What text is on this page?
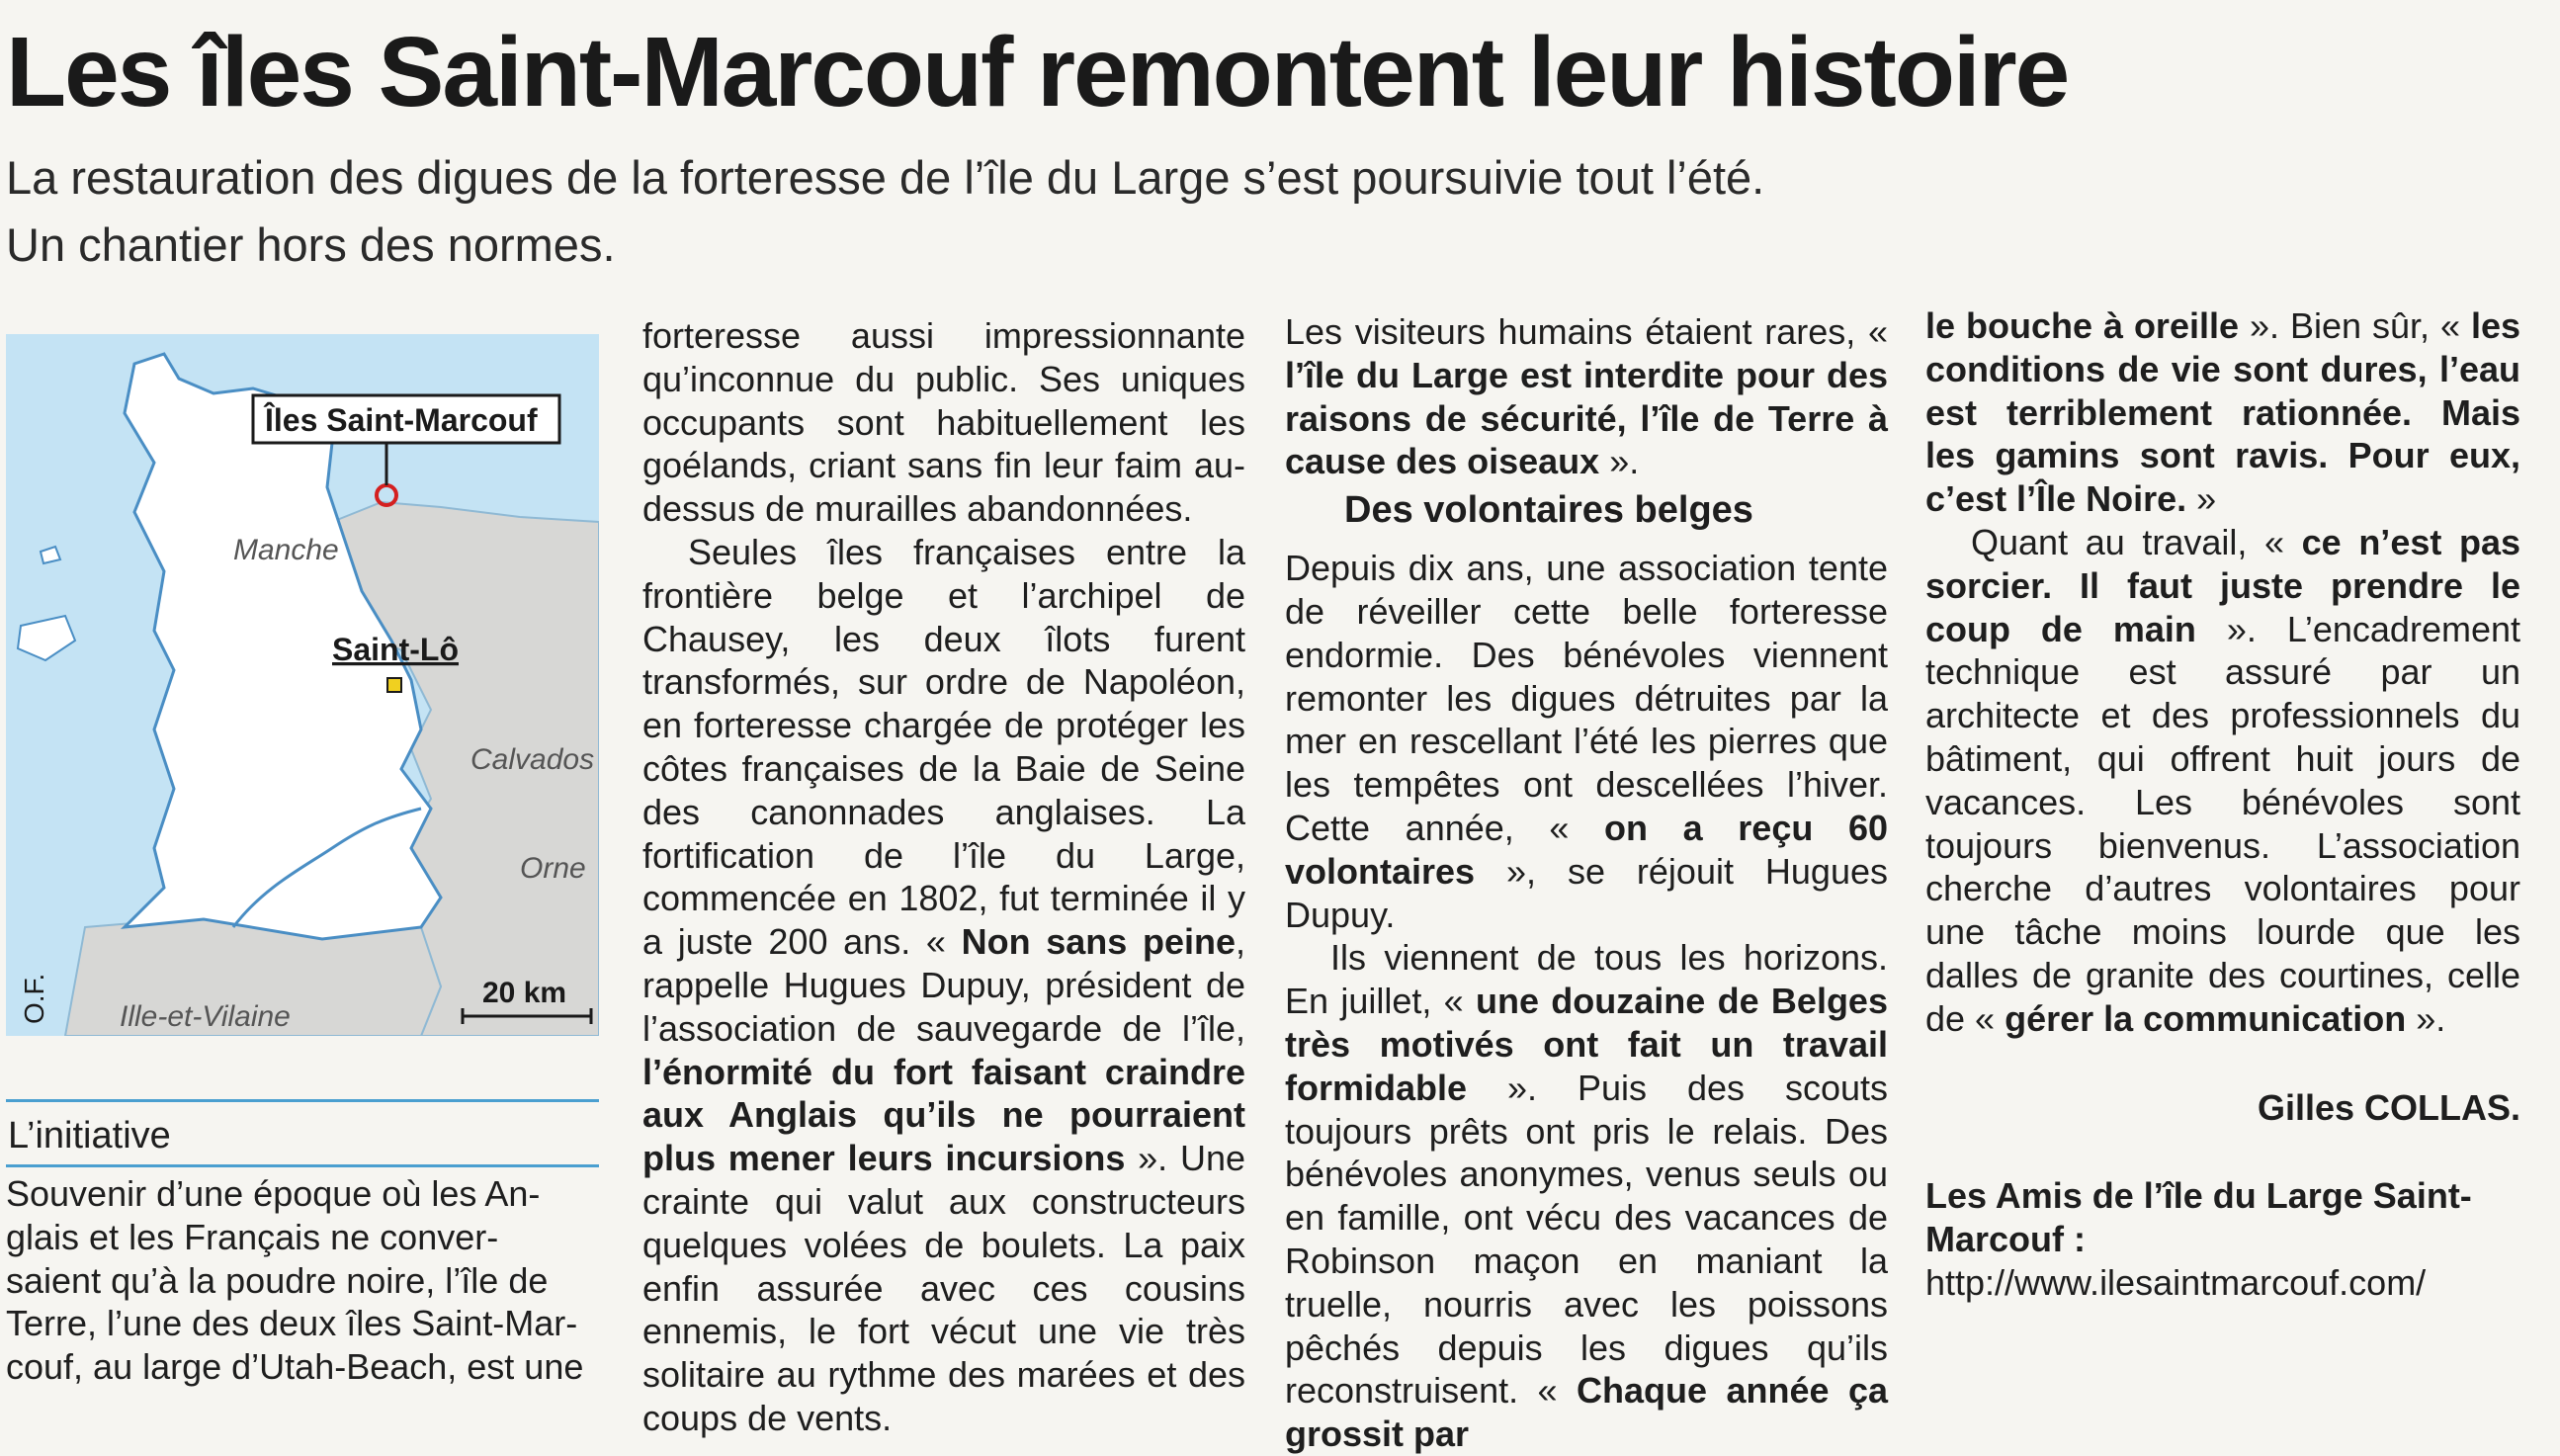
Les îles Saint-Marcouf remontent leur histoire

La restauration des digues de la forteresse de l’île du Large s’est poursuivie tout l’été.

Un chantier hors des normes.

Îles Saint-Marcouf
Saint-Lô
Manche
Calvados
Orne
Ille-et-Vilaine
20 km
O.F.
L’initiative
Souvenir d’une époque où les An-
glais et les Français ne conver-
saient qu’à la poudre noire, l’île de
Terre, l’une des deux îles Saint-Mar-
couf, au large d’Utah-Beach, est une

forteresse aussi impressionnante qu’inconnue du public. Ses uniques occupants sont habituellement les goélands, criant sans fin leur faim au-dessus de murailles abandonnées.

Seules îles françaises entre la frontière belge et l’archipel de Chausey, les deux îlots furent transformés, sur ordre de Napoléon, en forteresse chargée de protéger les côtes françaises de la Baie de Seine des canonnades anglaises. La fortification de l’île du Large, commencée en 1802, fut terminée il y a juste 200 ans. « Non sans peine, rappelle Hugues Dupuy, président de l’association de sauvegarde de l’île, l’énormité du fort faisant craindre aux Anglais qu’ils ne pourraient plus mener leurs incursions ». Une crainte qui valut aux constructeurs quelques volées de boulets. La paix enfin assurée avec ces cousins ennemis, le fort vécut une vie très solitaire au rythme des marées et des coups de vents.

Les visiteurs humains étaient rares, « l’île du Large est interdite pour des raisons de sécurité, l’île de Terre à cause des oiseaux ».

Des volontaires belges

Depuis dix ans, une association tente de réveiller cette belle forteresse endormie. Des bénévoles viennent remonter les digues détruites par la mer en rescellant l’été les pierres que les tempêtes ont descellées l’hiver. Cette année, « on a reçu 60 volontaires », se réjouit Hugues Dupuy.

Ils viennent de tous les horizons. En juillet, « une douzaine de Belges très motivés ont fait un travail formidable ». Puis des scouts toujours prêts ont pris le relais. Des bénévoles anonymes, venus seuls ou en famille, ont vécu des vacances de Robinson maçon en maniant la truelle, nourris avec les poissons pêchés depuis les digues qu’ils reconstruisent. « Chaque année ça grossit par

le bouche à oreille ». Bien sûr, « les conditions de vie sont dures, l’eau est terriblement rationnée. Mais les gamins sont ravis. Pour eux, c’est l’Île Noire. »

Quant au travail, « ce n’est pas sorcier. Il faut juste prendre le coup de main ». L’encadrement technique est assuré par un architecte et des professionnels du bâtiment, qui offrent huit jours de vacances. Les bénévoles sont toujours bienvenus. L’association cherche d’autres volontaires pour une tâche moins lourde que les dalles de granite des courtines, celle de « gérer la communication ».

Gilles COLLAS.

Les Amis de l’île du Large Saint-Marcouf : http://www.ilesaintmarcouf.com/
